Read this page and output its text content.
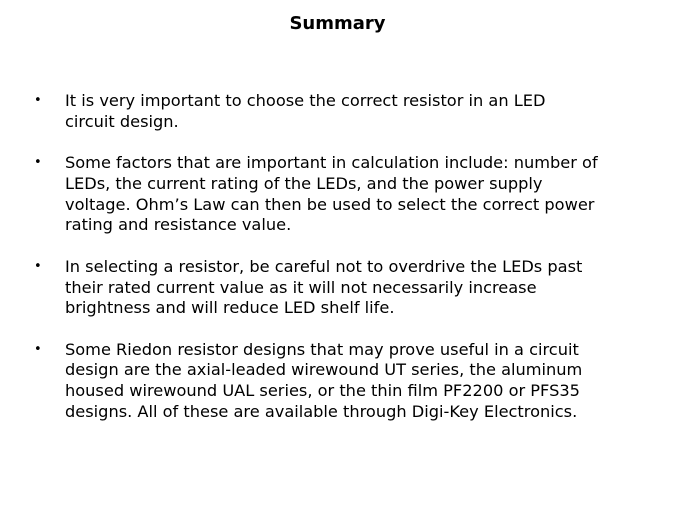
Summary
• It is very important to choose the correct resistor in an LED
circuit design.
• Some factors that are important in calculation include: number of
LEDs, the current rating of the LEDs, and the power supply
voltage. Ohm’s Law can then be used to select the correct power
rating and resistance value.
• In selecting a resistor, be careful not to overdrive the LEDs past
their rated current value as it will not necessarily increase
brightness and will reduce LED shelf life.
• Some Riedon resistor designs that may prove useful in a circuit
design are the axial-leaded wirewound UT series, the aluminum
housed wirewound UAL series, or the thin film PF2200 or PFS35
designs. All of these are available through Digi-Key Electronics.
